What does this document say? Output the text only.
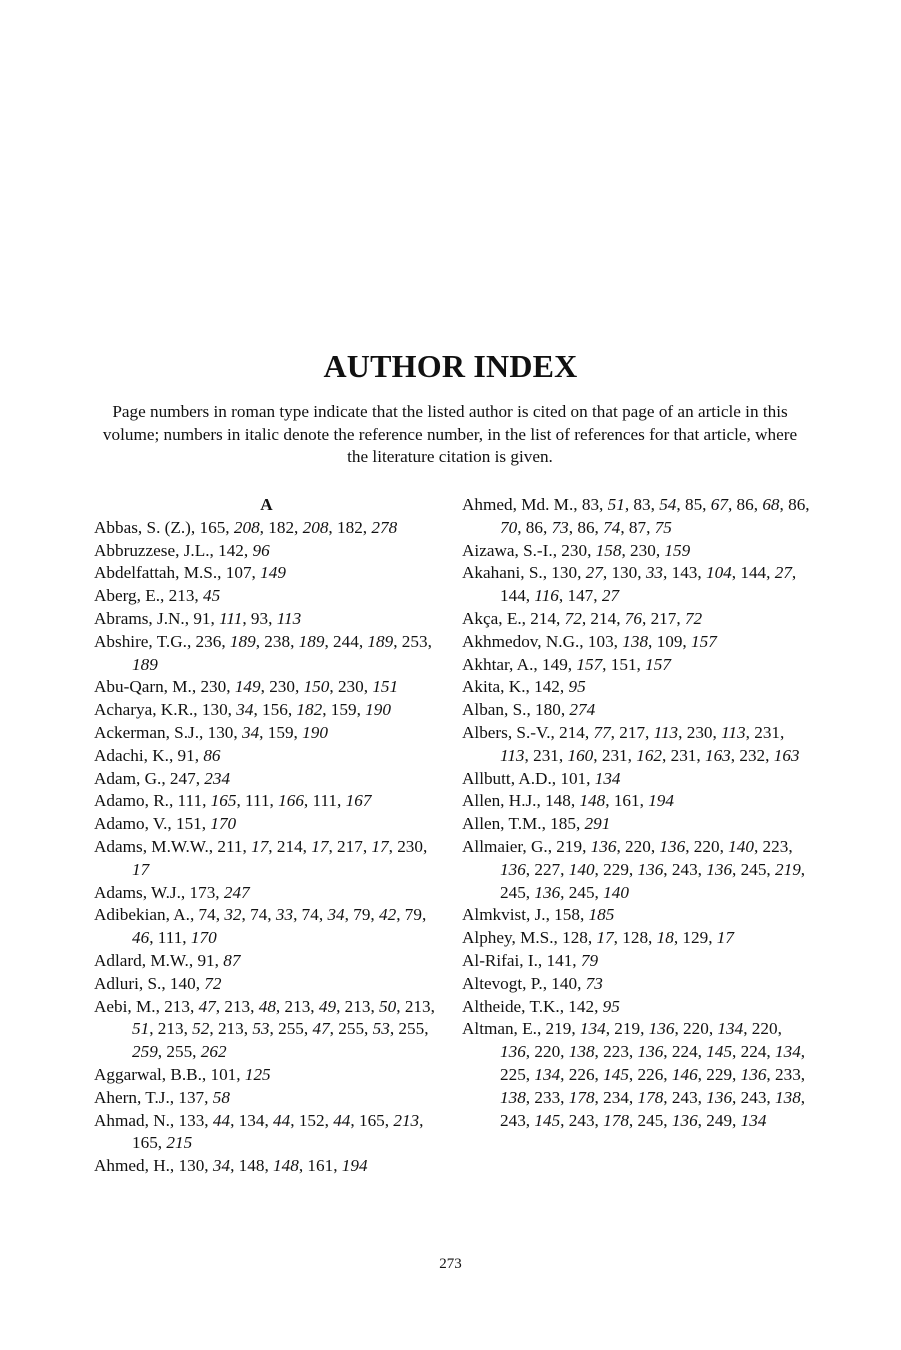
AUTHOR INDEX

Page numbers in roman type indicate that the listed author is cited on that page of an article in this volume; numbers in italic denote the reference number, in the list of references for that article, where the literature citation is given.

A

Abbas, S. (Z.), 165, 208, 182, 208, 182, 278

Abbruzzese, J.L., 142, 96

Abdelfattah, M.S., 107, 149

Aberg, E., 213, 45

Abrams, J.N., 91, 111, 93, 113

Abshire, T.G., 236, 189, 238, 189, 244, 189, 253, 189

Abu-Qarn, M., 230, 149, 230, 150, 230, 151

Acharya, K.R., 130, 34, 156, 182, 159, 190

Ackerman, S.J., 130, 34, 159, 190

Adachi, K., 91, 86

Adam, G., 247, 234

Adamo, R., 111, 165, 111, 166, 111, 167

Adamo, V., 151, 170

Adams, M.W.W., 211, 17, 214, 17, 217, 17, 230, 17

Adams, W.J., 173, 247

Adibekian, A., 74, 32, 74, 33, 74, 34, 79, 42, 79, 46, 111, 170

Adlard, M.W., 91, 87

Adluri, S., 140, 72

Aebi, M., 213, 47, 213, 48, 213, 49, 213, 50, 213, 51, 213, 52, 213, 53, 255, 47, 255, 53, 255, 259, 255, 262

Aggarwal, B.B., 101, 125

Ahern, T.J., 137, 58

Ahmad, N., 133, 44, 134, 44, 152, 44, 165, 213, 165, 215

Ahmed, H., 130, 34, 148, 148, 161, 194

Ahmed, Md. M., 83, 51, 83, 54, 85, 67, 86, 68, 86, 70, 86, 73, 86, 74, 87, 75

Aizawa, S.-I., 230, 158, 230, 159

Akahani, S., 130, 27, 130, 33, 143, 104, 144, 27, 144, 116, 147, 27

Akça, E., 214, 72, 214, 76, 217, 72

Akhmedov, N.G., 103, 138, 109, 157

Akhtar, A., 149, 157, 151, 157

Akita, K., 142, 95

Alban, S., 180, 274

Albers, S.-V., 214, 77, 217, 113, 230, 113, 231, 113, 231, 160, 231, 162, 231, 163, 232, 163

Allbutt, A.D., 101, 134

Allen, H.J., 148, 148, 161, 194

Allen, T.M., 185, 291

Allmaier, G., 219, 136, 220, 136, 220, 140, 223, 136, 227, 140, 229, 136, 243, 136, 245, 219, 245, 136, 245, 140

Almkvist, J., 158, 185

Alphey, M.S., 128, 17, 128, 18, 129, 17

Al-Rifai, I., 141, 79

Altevogt, P., 140, 73

Altheide, T.K., 142, 95

Altman, E., 219, 134, 219, 136, 220, 134, 220, 136, 220, 138, 223, 136, 224, 145, 224, 134, 225, 134, 226, 145, 226, 146, 229, 136, 233, 138, 233, 178, 234, 178, 243, 136, 243, 138, 243, 145, 243, 178, 245, 136, 249, 134

273
